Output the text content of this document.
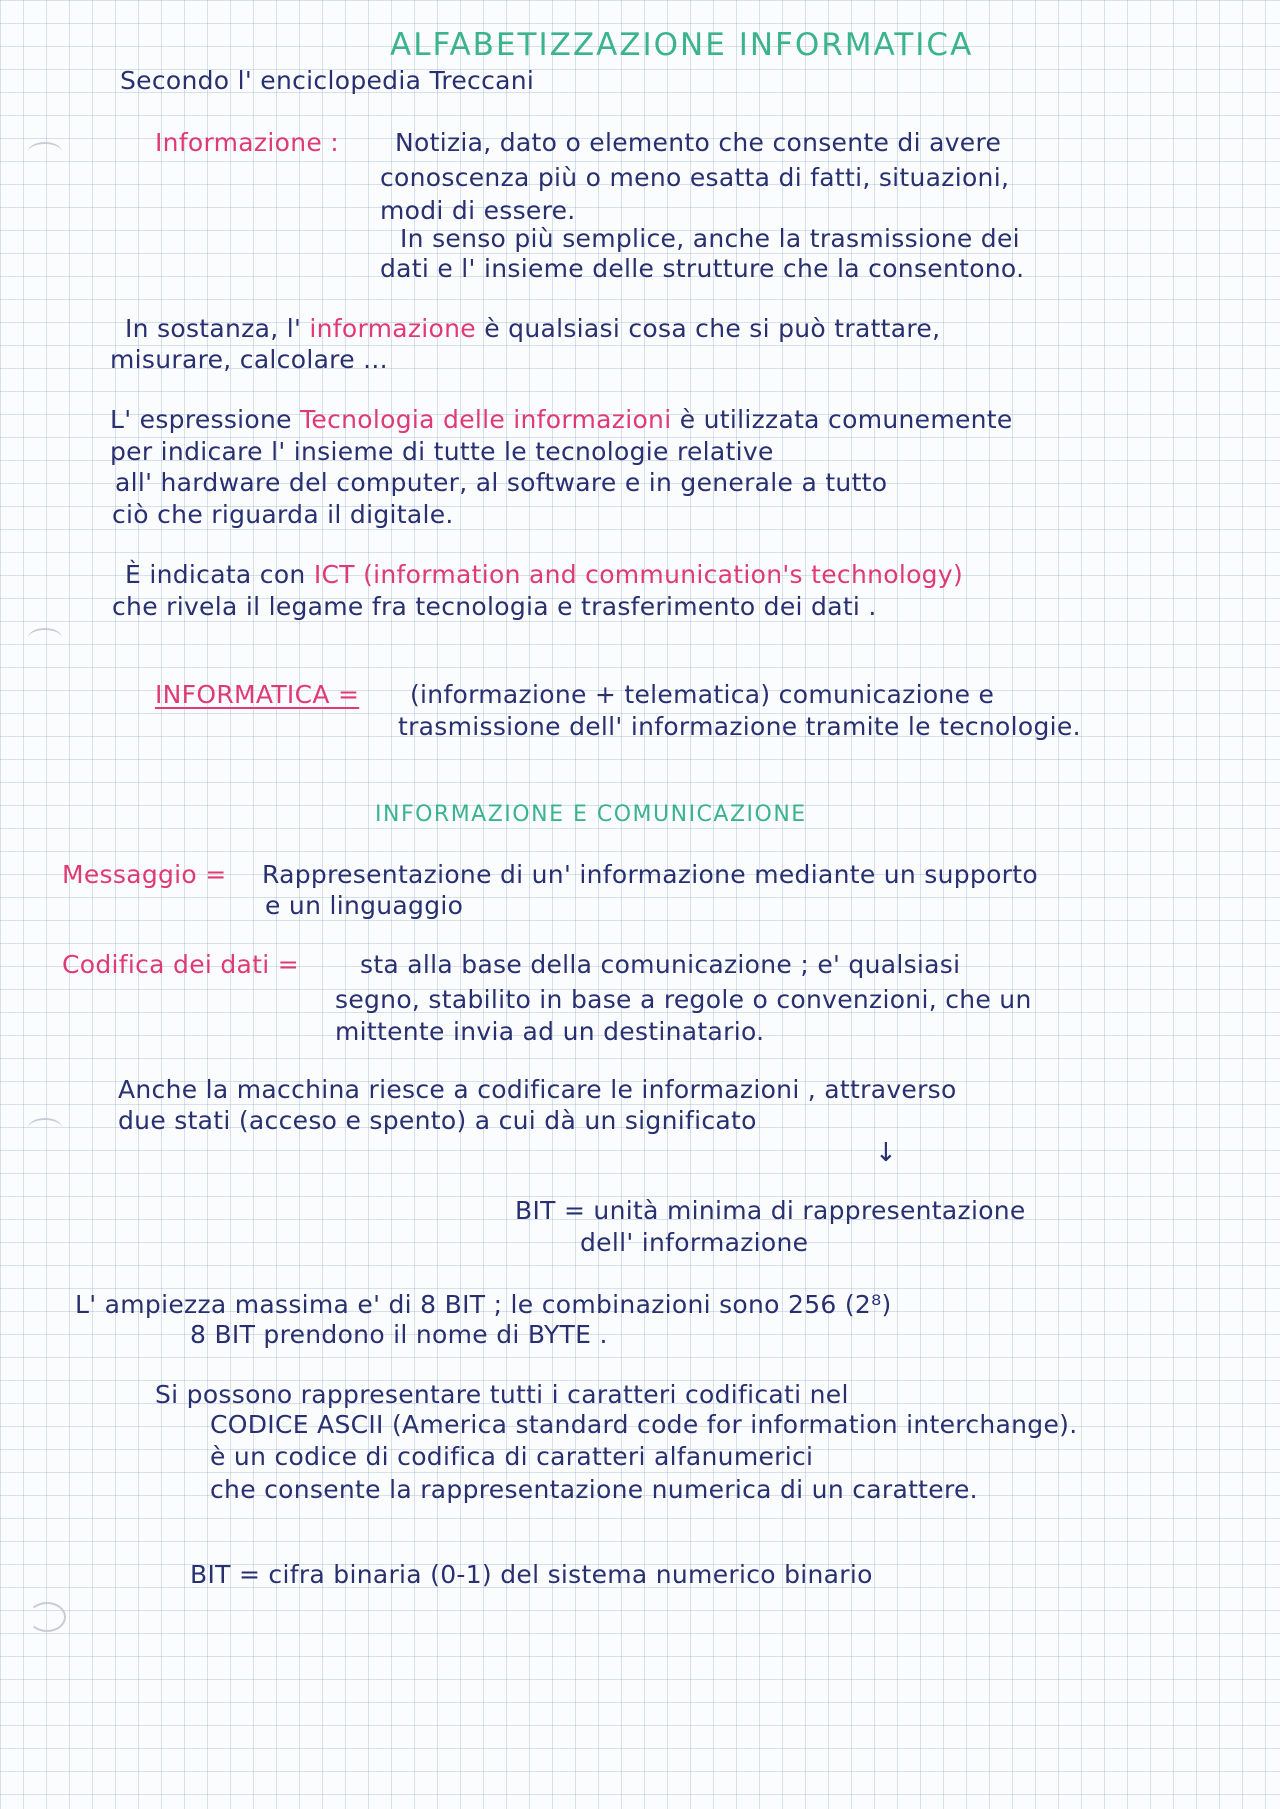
ALFABETIZZAZIONE INFORMATICA
Secondo l' enciclopedia Treccani
Informazione : Notizia, dato o elemento che consente di avere
conoscenza più o meno esatta di fatti, situazioni,
modi di essere.
In senso più semplice, anche la trasmissione dei
dati e l' insieme delle strutture che la consentono.
In sostanza, l' informazione è qualsiasi cosa che si può trattare,
misurare, calcolare ...
L' espressione Tecnologia delle informazioni è utilizzata comunemente
per indicare l' insieme di tutte le tecnologie relative
all' hardware del computer, al software e in generale a tutto
ciò che riguarda il digitale.
È indicata con ICT (information and communication's technology)
che rivela il legame fra tecnologia e trasferimento dei dati .
INFORMATICA = (informazione + telematica) comunicazione e
trasmissione dell' informazione tramite le tecnologie.
INFORMAZIONE E COMUNICAZIONE
Messaggio = Rappresentazione di un' informazione mediante un supporto
e un linguaggio
Codifica dei dati = sta alla base della comunicazione ; e' qualsiasi
segno, stabilito in base a regole o convenzioni, che un
mittente invia ad un destinatario.
Anche la macchina riesce a codificare le informazioni , attraverso
due stati (acceso e spento) a cui dà un significato
↓
BIT = unità minima di rappresentazione
dell' informazione
L' ampiezza massima e' di 8 BIT ; le combinazioni sono 256 (2⁸)
8 BIT prendono il nome di BYTE .
Si possono rappresentare tutti i caratteri codificati nel
CODICE ASCII (America standard code for information interchange).
è un codice di codifica di caratteri alfanumerici
che consente la rappresentazione numerica di un carattere.
BIT = cifra binaria (0-1) del sistema numerico binario
